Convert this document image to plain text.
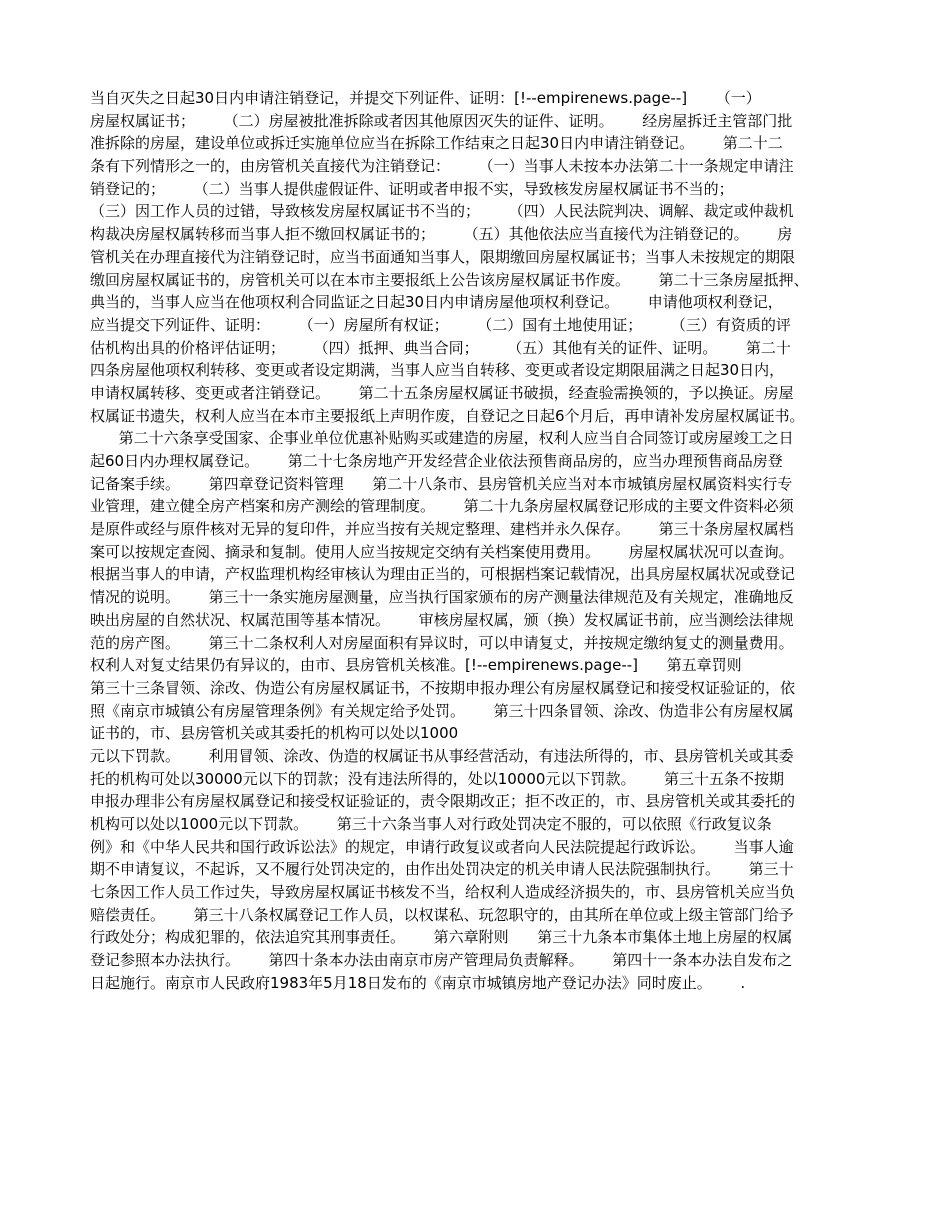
当自灭失之日起30日内申请注销登记，并提交下列证件、证明：[!--empirenews.page--]      （一）
房屋权属证书；      （二）房屋被批准拆除或者因其他原因灭失的证件、证明。      经房屋拆迁主管部门批
准拆除的房屋，建设单位或拆迁实施单位应当在拆除工作结束之日起30日内申请注销登记。      第二十二
条有下列情形之一的，由房管机关直接代为注销登记：      （一）当事人未按本办法第二十一条规定申请注
销登记的；      （二）当事人提供虚假证件、证明或者申报不实，导致核发房屋权属证书不当的；
（三）因工作人员的过错，导致核发房屋权属证书不当的；      （四）人民法院判决、调解、裁定或仲裁机
构裁决房屋权属转移而当事人拒不缴回权属证书的；      （五）其他依法应当直接代为注销登记的。      房
管机关在办理直接代为注销登记时，应当书面通知当事人，限期缴回房屋权属证书；当事人未按规定的期限
缴回房屋权属证书的，房管机关可以在本市主要报纸上公告该房屋权属证书作废。      第二十三条房屋抵押、
典当的，当事人应当在他项权利合同监证之日起30日内申请房屋他项权利登记。      申请他项权利登记，
应当提交下列证件、证明：      （一）房屋所有权证；      （二）国有土地使用证；      （三）有资质的评
估机构出具的价格评估证明；      （四）抵押、典当合同；      （五）其他有关的证件、证明。      第二十
四条房屋他项权利转移、变更或者设定期满，当事人应当自转移、变更或者设定期限届满之日起30日内，
申请权属转移、变更或者注销登记。      第二十五条房屋权属证书破损，经查验需换领的，予以换证。房屋
权属证书遗失，权利人应当在本市主要报纸上声明作废，自登记之日起6个月后，再申请补发房屋权属证书。
第二十六条享受国家、企事业单位优惠补贴购买或建造的房屋，权利人应当自合同签订或房屋竣工之日
起60日内办理权属登记。      第二十七条房地产开发经营企业依法预售商品房的，应当办理预售商品房登
记备案手续。      第四章登记资料管理      第二十八条市、县房管机关应当对本市城镇房屋权属资料实行专
业管理，建立健全房产档案和房产测绘的管理制度。      第二十九条房屋权属登记形成的主要文件资料必须
是原件或经与原件核对无异的复印件，并应当按有关规定整理、建档并永久保存。      第三十条房屋权属档
案可以按规定查阅、摘录和复制。使用人应当按规定交纳有关档案使用费用。      房屋权属状况可以查询。
根据当事人的申请，产权监理机构经审核认为理由正当的，可根据档案记载情况，出具房屋权属状况或登记
情况的说明。      第三十一条实施房屋测量，应当执行国家颁布的房产测量法律规范及有关规定，准确地反
映出房屋的自然状况、权属范围等基本情况。      审核房屋权属，颁（换）发权属证书前，应当测绘法律规
范的房产图。      第三十二条权利人对房屋面积有异议时，可以申请复丈，并按规定缴纳复丈的测量费用。
权利人对复丈结果仍有异议的，由市、县房管机关核准。[!--empirenews.page--]      第五章罚则
第三十三条冒领、涂改、伪造公有房屋权属证书，不按期申报办理公有房屋权属登记和接受权证验证的，依
照《南京市城镇公有房屋管理条例》有关规定给予处罚。      第三十四条冒领、涂改、伪造非公有房屋权属
证书的，市、县房管机关或其委托的机构可以处以1000
元以下罚款。      利用冒领、涂改、伪造的权属证书从事经营活动，有违法所得的，市、县房管机关或其委
托的机构可处以30000元以下的罚款；没有违法所得的，处以10000元以下罚款。      第三十五条不按期
申报办理非公有房屋权属登记和接受权证验证的，责令限期改正；拒不改正的，市、县房管机关或其委托的
机构可以处以1000元以下罚款。      第三十六条当事人对行政处罚决定不服的，可以依照《行政复议条
例》和《中华人民共和国行政诉讼法》的规定，申请行政复议或者向人民法院提起行政诉讼。      当事人逾
期不申请复议，不起诉，又不履行处罚决定的，由作出处罚决定的机关申请人民法院强制执行。      第三十
七条因工作人员工作过失，导致房屋权属证书核发不当，给权利人造成经济损失的，市、县房管机关应当负
赔偿责任。      第三十八条权属登记工作人员，以权谋私、玩忽职守的，由其所在单位或上级主管部门给予
行政处分；构成犯罪的，依法追究其刑事责任。      第六章附则      第三十九条本市集体土地上房屋的权属
登记参照本办法执行。      第四十条本办法由南京市房产管理局负责解释。      第四十一条本办法自发布之
日起施行。南京市人民政府1983年5月18日发布的《南京市城镇房地产登记办法》同时废止。      .
